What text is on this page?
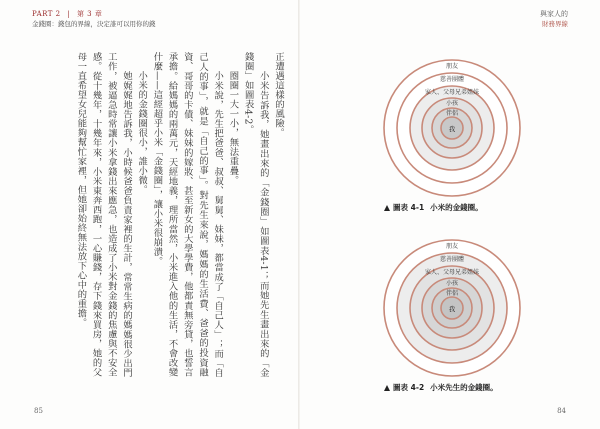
PART 2 | 第 3 章
金錢圈：錢包的界線，決定誰可以用你的錢

正遭遇這樣的風險。

小米告訴我，她畫出來的「金錢圈」如圖表4-1；而她先生畫出來的「金錢圈」如圖表4-2。

圈圈一大一小，無法重疊。

小米說，先生把爸爸、叔叔、舅舅、妹妹，都當成了「自己人」；而「自己人的事」，就是「自己的事」。對先生來說，媽媽的生活費、爸爸的投資融資、哥哥的卡債、妹妹的嫁妝、甚至新女的大學學費，他都責無旁貸，也誓言承擔。給媽媽的兩萬元，天經地義，理所當然，小米進入他的生活，不會改變什麼——這經超乎小米「金錢圈」，讓小米很崩潰。

小米的金錢圈很小，誰小微。

她娓娓地告訴我，小時候爸爸負責家裡的生計，常常生病的媽媽很少出門工作，被逼急時常讓小米拿錢出來應急，也造成了小米對金錢的焦慮與不安全感。從十幾年，十幾年來，小米東奔西跑，一心賺錢，存下錢來買房，她的父母一直希望女兒能夠幫忙家裡，但她卻始終無法放下心中的重擔。

85
與家人的
財務界線
朋友
慈善團體
家人、父母兄弟姐妹
小孩
伴侶
我
圖表 4-1 小米的金錢圈。
朋友
慈善團體
家人、父母兄弟姐妹
小孩
伴侶
我
圖表 4-2 小米先生的金錢圈。
84
